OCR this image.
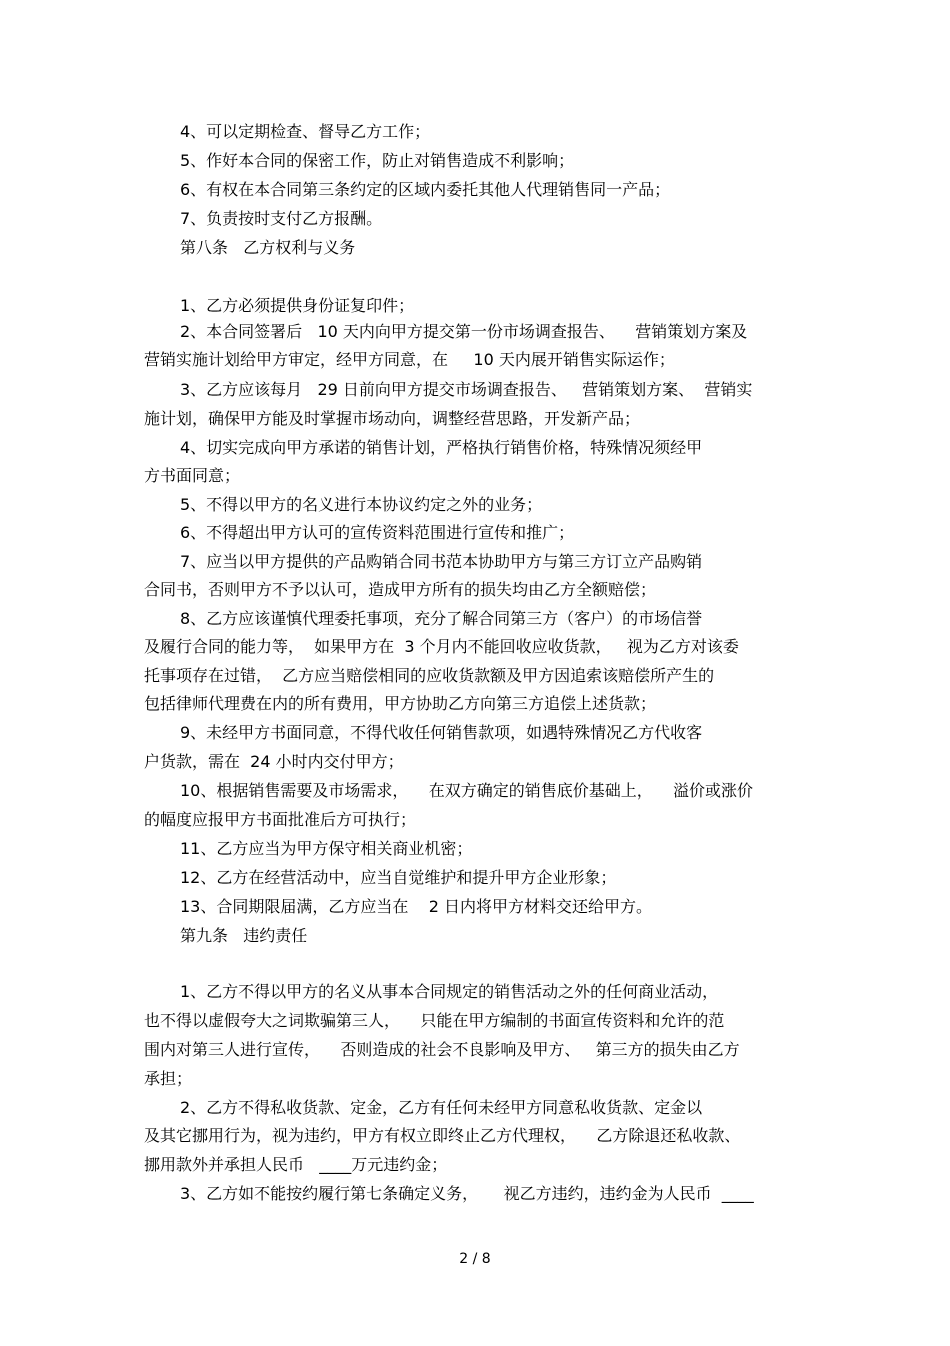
4、可以定期检查、督导乙方工作；
5、作好本合同的保密工作，防止对销售造成不利影响；
6、有权在本合同第三条约定的区域内委托其他人代理销售同一产品；
7、负责按时支付乙方报酬。
第八条   乙方权利与义务
1、乙方必须提供身份证复印件；
2、本合同签署后   10 天内向甲方提交第一份市场调查报告、    营销策划方案及
营销实施计划给甲方审定，经甲方同意，在     10 天内展开销售实际运作；
3、乙方应该每月   29 日前向甲方提交市场调查报告、   营销策划方案、  营销实
施计划，确保甲方能及时掌握市场动向，调整经营思路，开发新产品；
4、切实完成向甲方承诺的销售计划，严格执行销售价格，特殊情况须经甲
方书面同意；
5、不得以甲方的名义进行本协议约定之外的业务；
6、不得超出甲方认可的宣传资料范围进行宣传和推广；
7、应当以甲方提供的产品购销合同书范本协助甲方与第三方订立产品购销
合同书，否则甲方不予以认可，造成甲方所有的损失均由乙方全额赔偿；
8、乙方应该谨慎代理委托事项，充分了解合同第三方（客户）的市场信誉
及履行合同的能力等，  如果甲方在  3 个月内不能回收应收货款，   视为乙方对该委
托事项存在过错，  乙方应当赔偿相同的应收货款额及甲方因追索该赔偿所产生的
包括律师代理费在内的所有费用，甲方协助乙方向第三方追偿上述货款；
9、未经甲方书面同意，不得代收任何销售款项，如遇特殊情况乙方代收客
户货款，需在  24 小时内交付甲方；
10、根据销售需要及市场需求，    在双方确定的销售底价基础上，    溢价或涨价
的幅度应报甲方书面批准后方可执行；
11、乙方应当为甲方保守相关商业机密；
12、乙方在经营活动中，应当自觉维护和提升甲方企业形象；
13、合同期限届满，乙方应当在    2 日内将甲方材料交还给甲方。
第九条   违约责任
1、乙方不得以甲方的名义从事本合同规定的销售活动之外的任何商业活动，
也不得以虚假夸大之词欺骗第三人，    只能在甲方编制的书面宣传资料和允许的范
围内对第三人进行宣传，    否则造成的社会不良影响及甲方、   第三方的损失由乙方
承担；
2、乙方不得私收货款、定金，乙方有任何未经甲方同意私收货款、定金以
及其它挪用行为，视为违约，甲方有权立即终止乙方代理权，    乙方除退还私收款、
挪用款外并承担人民币   ____万元违约金；
3、乙方如不能按约履行第七条确定义务，     视乙方违约，违约金为人民币  ____
2 / 8
